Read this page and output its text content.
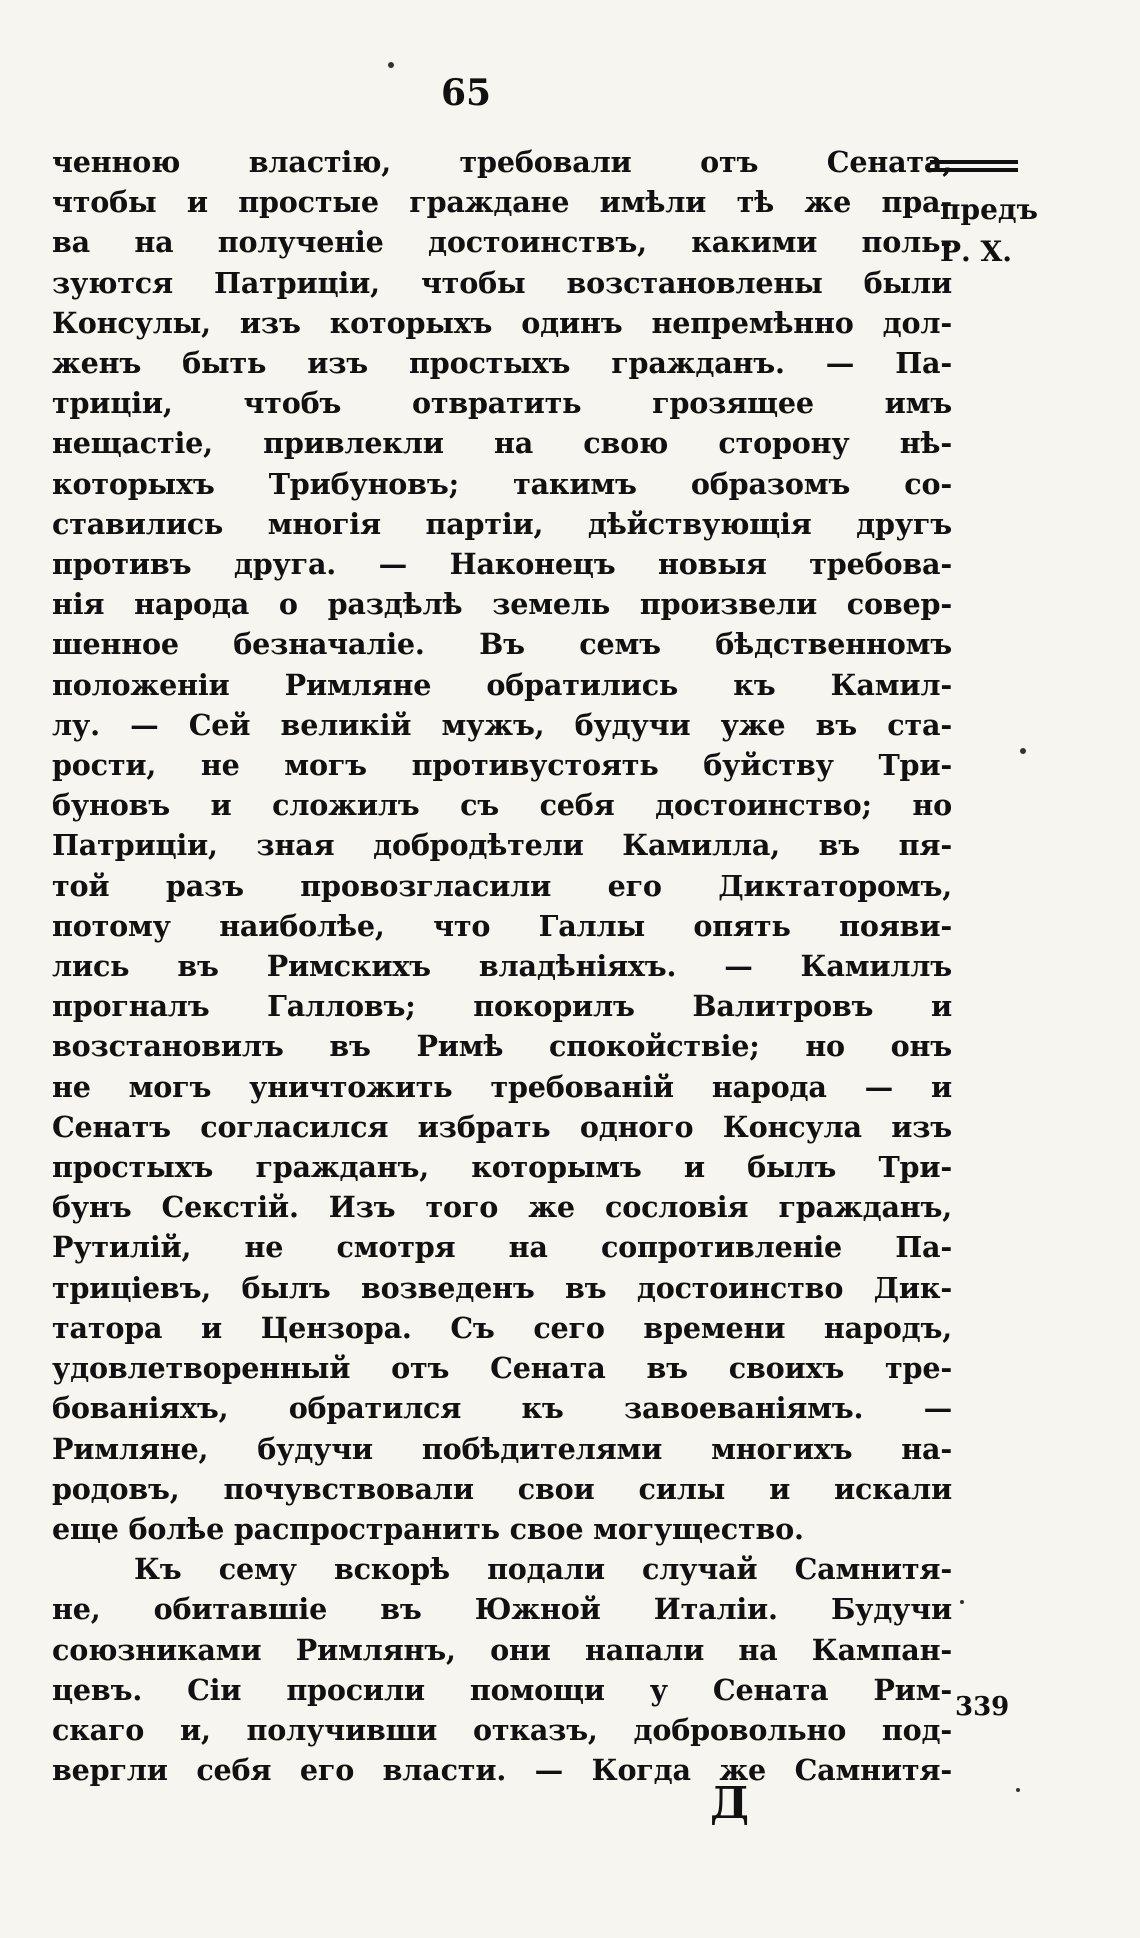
65
предъ
Р. Х.
ченною властію, требовали отъ Сената,
чтобы и простые граждане имѣли тѣ же пра-
ва на полученіе достоинствъ, какими поль-
зуются Патриціи, чтобы возстановлены были
Консулы, изъ которыхъ одинъ непремѣнно дол-
женъ быть изъ простыхъ гражданъ. — Па-
триціи, чтобъ отвратить грозящее имъ
нещастіе, привлекли на свою сторону нѣ-
которыхъ Трибуновъ; такимъ образомъ со-
ставились многія партіи, дѣйствующія другъ
противъ друга. — Наконецъ новыя требова-
нія народа о раздѣлѣ земель произвели совер-
шенное безначаліе. Въ семъ бѣдственномъ
положеніи Римляне обратились къ Камил-
лу. — Сей великій мужъ, будучи уже въ ста-
рости, не могъ противустоять буйству Три-
буновъ и сложилъ съ себя достоинство; но
Патриціи, зная добродѣтели Камилла, въ пя-
той разъ провозгласили его Диктаторомъ,
потому наиболѣе, что Галлы опять появи-
лись въ Римскихъ владѣніяхъ. — Камиллъ
прогналъ Галловъ; покорилъ Валитровъ и
возстановилъ въ Римѣ спокойствіе; но онъ
не могъ уничтожить требованій народа — и
Сенатъ согласился избрать одного Консула изъ
простыхъ гражданъ, которымъ и былъ Три-
бунъ Секстій. Изъ того же сословія гражданъ,
Рутилій, не смотря на сопротивленіе Па-
триціевъ, былъ возведенъ въ достоинство Дик-
татора и Цензора. Съ сего времени народъ,
удовлетворенный отъ Сената въ своихъ тре-
бованіяхъ, обратился къ завоеваніямъ. —
Римляне, будучи побѣдителями многихъ на-
родовъ, почувствовали свои силы и искали
еще болѣе распространить свое могущество.
Къ сему вскорѣ подали случай Самнитя-
не, обитавшіе въ Южной Италіи. Будучи
союзниками Римлянъ, они напали на Кампан-
цевъ. Сіи просили помощи у Сената Рим-
скаго и, получивши отказъ, добровольно под-
вергли себя его власти. — Когда же Самнитя-
339
Д
